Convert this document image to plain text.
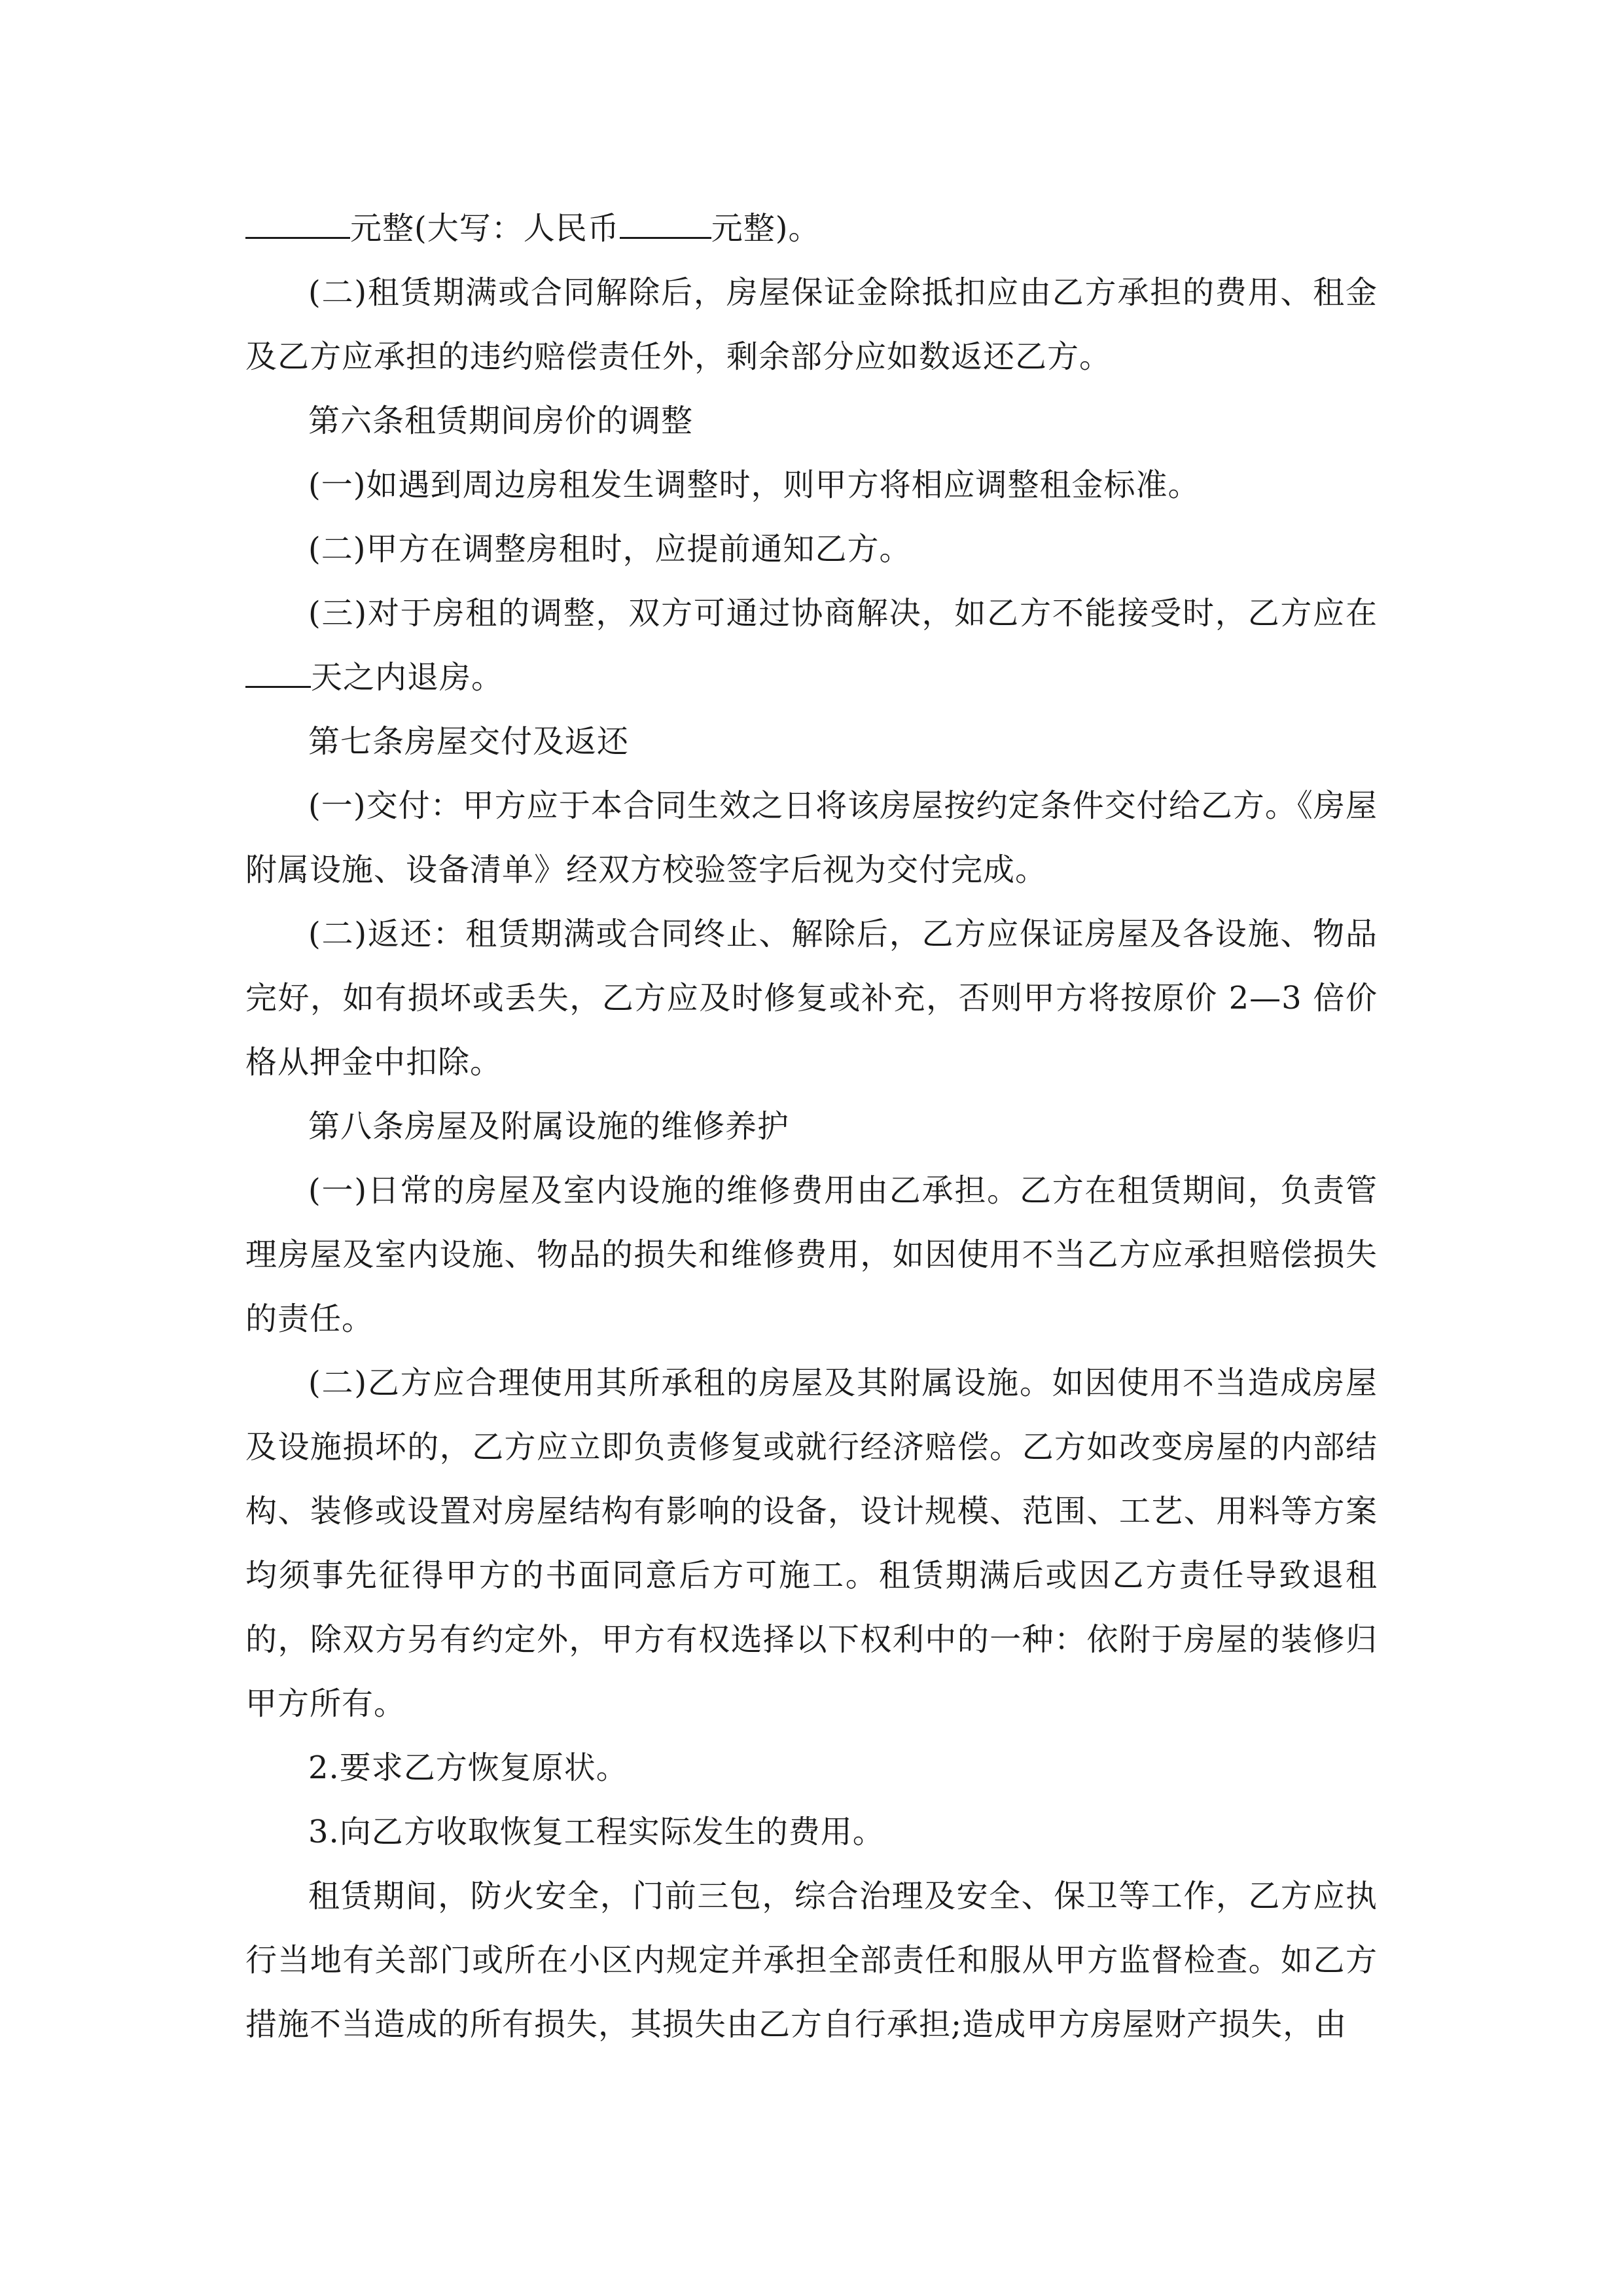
元整(大写：人民币	元整)。

(二)租赁期满或合同解除后，房屋保证金除抵扣应由乙方承担的费用、租金及乙方应承担的违约赔偿责任外，剩余部分应如数返还乙方。

第六条租赁期间房价的调整

(一)如遇到周边房租发生调整时，则甲方将相应调整租金标准。

(二)甲方在调整房租时，应提前通知乙方。

(三)对于房租的调整，双方可通过协商解决，如乙方不能接受时，乙方应在天之内退房。

第七条房屋交付及返还

(一)交付：甲方应于本合同生效之日将该房屋按约定条件交付给乙方。《房屋附属设施、设备清单》经双方校验签字后视为交付完成。

(二)返还：租赁期满或合同终止、解除后，乙方应保证房屋及各设施、物品完好，如有损坏或丢失，乙方应及时修复或补充，否则甲方将按原价 2—3 倍价格从押金中扣除。

第八条房屋及附属设施的维修养护

(一)日常的房屋及室内设施的维修费用由乙承担。乙方在租赁期间，负责管理房屋及室内设施、物品的损失和维修费用，如因使用不当乙方应承担赔偿损失的责任。

(二)乙方应合理使用其所承租的房屋及其附属设施。如因使用不当造成房屋及设施损坏的，乙方应立即负责修复或就行经济赔偿。乙方如改变房屋的内部结构、装修或设置对房屋结构有影响的设备，设计规模、范围、工艺、用料等方案均须事先征得甲方的书面同意后方可施工。租赁期满后或因乙方责任导致退租的，除双方另有约定外，甲方有权选择以下权利中的一种：依附于房屋的装修归甲方所有。

2.要求乙方恢复原状。

3.向乙方收取恢复工程实际发生的费用。

租赁期间，防火安全，门前三包，综合治理及安全、保卫等工作，乙方应执行当地有关部门或所在小区内规定并承担全部责任和服从甲方监督检查。如乙方措施不当造成的所有损失，其损失由乙方自行承担;造成甲方房屋财产损失，由
